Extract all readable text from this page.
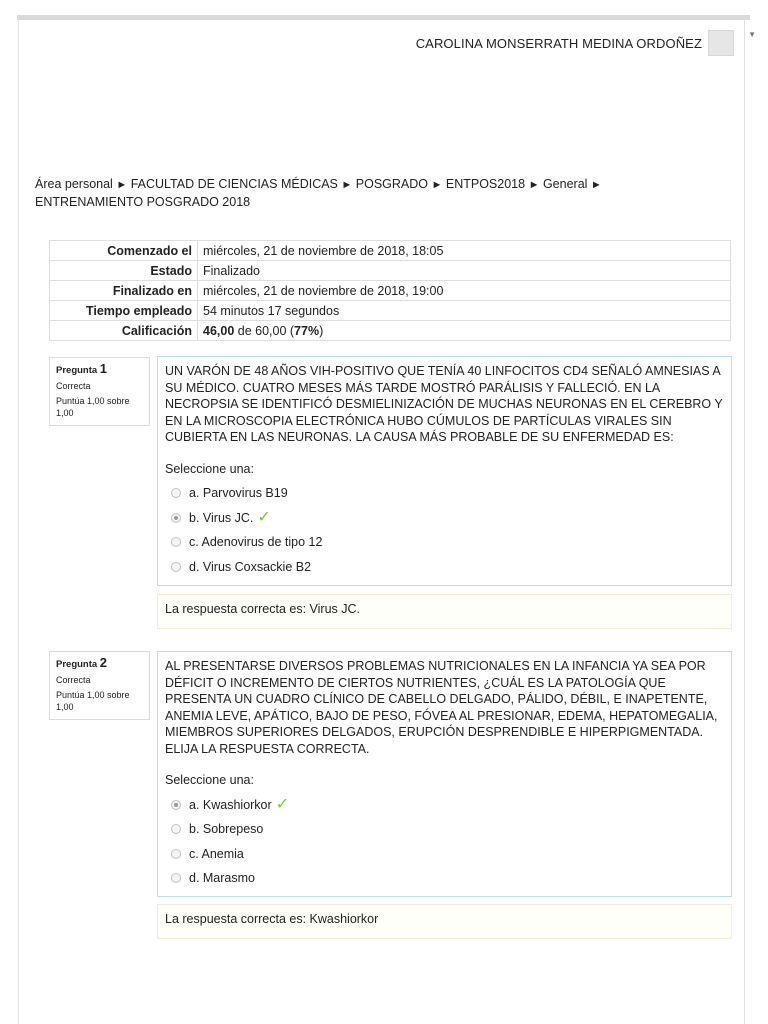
CAROLINA MONSERRATH MEDINA ORDOÑEZ
▼
Área personal ► FACULTAD DE CIENCIAS MÉDICAS ► POSGRADO ► ENTPOS2018 ► General ► ENTRENAMIENTO POSGRADO 2018
Comenzado el	miércoles, 21 de noviembre de 2018, 18:05
Estado	Finalizado
Finalizado en	miércoles, 21 de noviembre de 2018, 19:00
Tiempo empleado	54 minutos 17 segundos
Calificación	46,00 de 60,00 (77%)
Pregunta 1
Correcta
Puntúa 1,00 sobre 1,00
UN VARÓN DE 48 AÑOS VIH-POSITIVO QUE TENÍA 40 LINFOCITOS CD4 SEÑALÓ AMNESIAS A SU MÉDICO. CUATRO MESES MÁS TARDE MOSTRÓ PARÁLISIS Y FALLECIÓ. EN LA NECROPSIA SE IDENTIFICÓ DESMIELINIZACIÓN DE MUCHAS NEURONAS EN EL CEREBRO Y EN LA MICROSCOPIA ELECTRÓNICA HUBO CÚMULOS DE PARTÍCULAS VIRALES SIN CUBIERTA EN LAS NEURONAS. LA CAUSA MÁS PROBABLE DE SU ENFERMEDAD ES:
Seleccione una:
a. Parvovirus B19
b. Virus JC. ✓
c. Adenovirus de tipo 12
d. Virus Coxsackie B2
La respuesta correcta es: Virus JC.
Pregunta 2
Correcta
Puntúa 1,00 sobre 1,00
AL PRESENTARSE DIVERSOS PROBLEMAS NUTRICIONALES EN LA INFANCIA YA SEA POR DÉFICIT O INCREMENTO DE CIERTOS NUTRIENTES, ¿CUÁL ES LA PATOLOGÍA QUE PRESENTA UN CUADRO CLÍNICO DE CABELLO DELGADO, PÁLIDO, DÉBIL, E INAPETENTE, ANEMIA LEVE, APÁTICO, BAJO DE PESO, FÓVEA AL PRESIONAR, EDEMA, HEPATOMEGALIA, MIEMBROS SUPERIORES DELGADOS, ERUPCIÓN DESPRENDIBLE E HIPERPIGMENTADA. ELIJA LA RESPUESTA CORRECTA.
Seleccione una:
a. Kwashiorkor ✓
b. Sobrepeso
c. Anemia
d. Marasmo
La respuesta correcta es: Kwashiorkor
